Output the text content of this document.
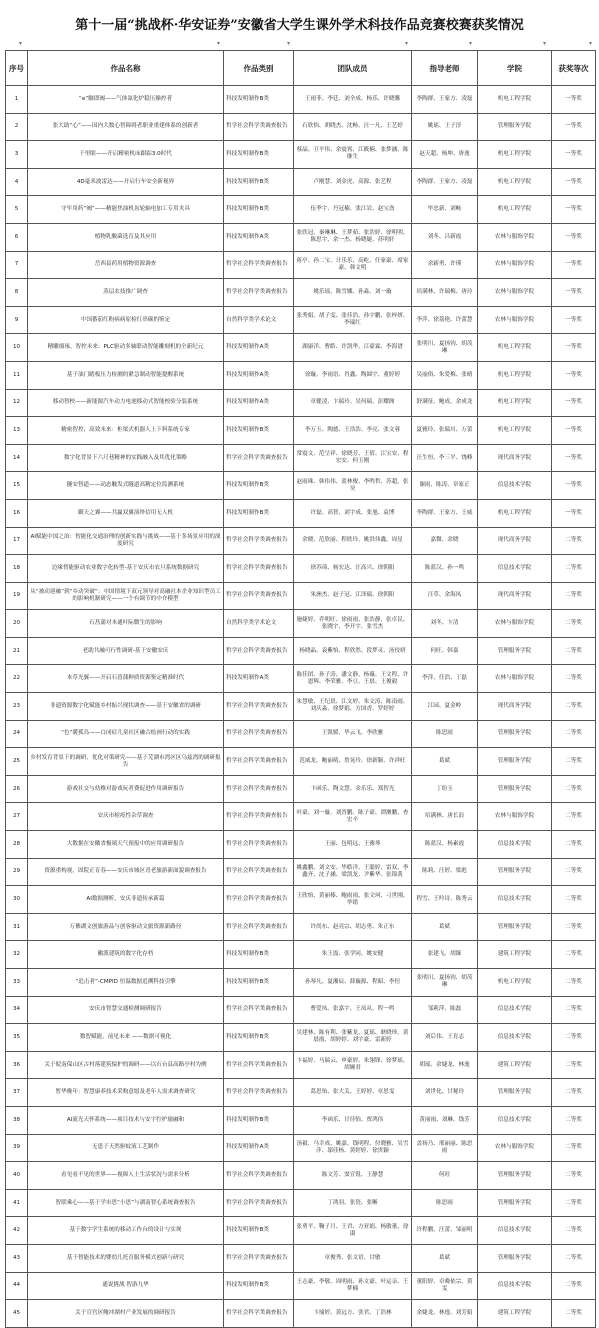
第十一届“挑战杯·华安证券”安徽省大学生课外学术科技作品竞赛校赛获奖情况
▾	▾	▾	▾	▾	▾	▾
序号	作品名称	作品类别	团队成员	指导老师	学院	获奖等次
1	“e”触即阀——气体氮化炉稳压操控者	科技发明制作B类	王雨菲、李廷、刘全成、杨乐、许晓馨	李陶群、王家方、凌磊	机电工程学院	一等奖
2	张大助“心”——国内大数心智障碍者职业重建体系的创新者	哲学社会科学类调查报告	石欣怡、胡晓杰、沈畅、汪一凡、王艺婷	姚瑶、王子淳	管理服务学院	一等奖
3	千里眼——开启精密机床跟踪3.0时代	科技发明制作B类	蔡晶、卫平伟、余震霄、江筱楠、张梦涵、陈继生	赵天超、杨坤、唐逸	机电工程学院	一等奖
4	4D毫米波雷达——开启行车安全新视界	科技发明制作B类	卢刚慧、刘金虎、高源、张艺程	李陶群、王家方、凌磊	机电工程学院	一等奖
5	守牢用药“阀”——精能焦油机齿轮轴电加工专用夹具	科技发明制作B类	伍季宇、丹冠楠、张江岩、赵宝熹	毕忠新、刘畅	机电工程学院	一等奖
6	植物乳酸菌选育及其应用	科技发明制作A类	张欣冠、秦琳琳、王梦茹、张浩婷、徐明明、陈思宇、余一杰、杨晓婕、苏明轩	刘冬、吕新霞	农林与服饰学院	一等奖
7	岳西县药用植物资源调查	哲学社会科学类调查报告	蒋亭、孙二宝、计乐乐、高屹、任家豪、席家豪、韩文明	余新勇、许瑾	农林与服饰学院	一等奖
8	蒸层农技推广调查	哲学社会科学类调查报告	姚乐瑶、陈雪娜、孙淼、刘一璇	培满林、许瑞梅、唐玲	农林与服饰学院	一等奖
9	中国番茄红粉病病原检红串碳的鉴定	自然科学类学术论文	张秀娟、胡子雯、张佳浩、孙宇鹏、张梓妍、李瑞红	李萍、徐荔艳、许蕾慧	农林与服饰学院	一等奖
10	精雕细琢，智控未来：PLC驱动多轴联动智能雕刻机的全新纪元	科技发明制作A类	湖康洋、曹皓、许凯华、江豪霖、李海谱	张明川、夏扬钧、胡茂琳	机电工程学院	一等奖
11	基于油门踏板压力检测的紧急制动智能提醒系统	科技发明制作A类	徐璇、李雨语、肖鑫、陶圆宇、董婷婷	吴丽俗、朱爱梅、张晴	机电工程学院	一等奖
12	移动智校——新能源汽车动力电池移动式智能校验分装系统	科技发明制作A类	章健凌、卞瑞玲、吴何瑞、彭耀阁	舒满征、鲍成、余成龙	机电工程学院	一等奖
13	精密智控、高效未来：柜梁式机器人上下料系统专家	科技发明制作B类	李万玉、陶德、王浩浩、李亮、张文蓉	夏雅玲、张瑞川、万蕾	机电工程学院	一等奖
14	数字化背景下六尺巷精神的实践融入及其优化策略	哲学社会科学类调查报告	常震文、范呈祥、徐晓芳、王倩、江宝安、程宏安、何玉刚	汪生恒、李三平、饶峰	现代商务学院	一等奖
15	隧安智道——动态触发式隧道高精定位监测系统	科技发明制作B类	赵雨珠、韩伟伟、蓝林俊、李鸣哲、苏超、张昊	谢雨、陈涛、章家正	信息技术学院	一等奖
16	御天之翼——共赢双翼演绎信用无人机	科技发明制作B类	许磊、高智、刘宇成、张旭、袁博	李陶群、王家方、王威	机电工程学院	一等奖
17	AI赋能中国之治：智能化交通治理的创新实践与挑战——基于多场景应用的深度研究	哲学社会科学类调查报告	余晓、范欣丽、程欣玲、姚洪伟鑫、周星	嘉微、余晓	现代商务学院	二等奖
18	边缘智能驱动农业数字化转型-基于安庆市农旦系统数据研究	哲学社会科学类调查报告	徐苏琦、杨宏达、汪高兴、徐朝阳	陈蓝汉、孙一鸣	信息技术学院	二等奖
19	从“被动迎融”到“乡动突破”：中国情境下双元领导对高融社本企业知识型员工的影响机制研究——一个有调节的中介模型	哲学社会科学类调查报告	朱洲杰、赵子冠、江泽瑞、徐朝阳	汪草、余海凤	现代商务学院	二等奖
20	石菖蒲对本通叶际微生的影响	自然科学类学术论文	施婕婷、乔明旺、徐雨雨、张浩静、张卓民、张晓宇、李开宇、张雪杰	刘冬、卞清	农林与服饰学院	二等奖
21	老助共融可行性调研-基于安徽安庆	哲学社会科学类调查报告	杨晓晶、袁紫怡、程欣然、段梦灵、汤佼妍	何旺、韩嘉	管理服务学院	二等奖
22	本草光翼——开启石菖蒲种质资源鉴定精准时代	科技发明制作A类	陈佳团、孙子涛、潘文静、杨薇、王文程、许恩辉、李荣雅、李豆、王晨、王俊毅	李萍、任浩、丁磊	农林与服饰学院	二等奖
23	非遗资源数字化赋能乡村振兴现状调查——基于安徽省的调研	哲学社会科学类调查报告	朱慧敏、王纪晨、江文婷、朱文涛、陈南雨、刘庆淼、徐梦娟、方国香、罗婷婷	江园、夏金岭	现代商务学院	二等奖
24	“色”暖孤岛——白闭症儿童社区融合绘画行动的实践	哲学社会科学类调查报告	王凯媛、毕云飞、李欣雅	陈思雨	管理服务学院	二等奖
25	乡村发育背景下的调研、优化对策研究——基于芜湖市湾区区乌兹湾的调研报告	哲学社会科学类调查报告	范威龙、鲍丽萌、詹晃玲、徐新颖、许祥旺	葛斌	管理服务学院	二等奖
26	游戏社交与幼稚对游戏玩者费促进作用调研报告	哲学社会科学类调查报告	卞函乐、陶文慧、金乐乐、郑智光	丁纷玉	管理服务学院	二等奖
27	安庆市检疫性杂草调查	哲学社会科学类调查报告	叶豪、刘一璇、刘晋鹏、陈子豪、谭漱鹏、查宏辛	培满林、唐长浪	农林与服饰学院	二等奖
28	大数据在安徽省极端天气预报中的应用调研报告	哲学社会科学类调查报告	王丽、包明远、王雅琴	陈蓝汉、杨素霞	信息技术学院	二等奖
29	资源重构视，固院正育春——安庆市城区青老旅游新面貌调查报告	哲学社会科学类调查报告	姚鑫鹏、刘文安、毕皓洋、王聪婷、雷双、李鑫齐、沈子涵、梁凯龙、尹紫华、张锦黄	陈莉、汪婷、梁彪	管理服务学院	二等奖
30	AI数据测析，安庆非遗传承新篇	哲学社会科学类调查报告	王欣怡、黄丽榛、鲍雨雨、张文珂、刁世刚、毕绪	程雪、王吟诗、陈秀云	信息技术学院	二等奖
31	万佛湖文创旅游品与创客驱动文旅资源新路径	哲学社会科学类调查报告	许尚东、赵亮宗、胡志勇、朱正东	葛斌	管理服务学院	二等奖
32	徽派建筑的数字化存档	科技发明制作B类	朱王震、张学同、姚安健	张建飞、胡臻	建筑工程学院	二等奖
33	“追击者”-CMPID 恒温数据追溯科技引擎	科技发明制作B类	孙琴凡、夏湘辰、薛璇源、程昭、李恒	张明川、夏扬钧、胡茂琳	机电工程学院	二等奖
34	安庆市智慧交通检测调研报告	哲学社会科学类调查报告	曹爱凤、张嘉宇、王凤从、程一鸣	邹莉萍、陈磊	信息技术学院	二等奖
35	数智赋能，前见未来 ——数据可视化	科技发明制作B类	吴建林、陈有利、张紫龙、夏瑶、耿晓珍、黄晨霞、胡婷婷、刘宇豪、雷新婷	刘后伟、王育志	信息技术学院	二等奖
36	关于皖南保山区古村落建筑保护的调研——以石台县高路亭村为例	哲学社会科学类调查报告	卞福婷、马瑞云、申豪婷、朱翎锋、徐梦瑶、胡婉君	胡瑶、余婕龙、林逸	建筑工程学院	二等奖
37	暂华晚年：智慧康养技术采购意愿及老年人需求调查研究	哲学社会科学类调查报告	葛思怡、张大关、王婷婷、章思雯	刘世化、甘秘玲	管理服务学院	二等奖
38	AI流光天怀系统——项目技术与安宇拧护瑜融和	科技发明制作B类	李函乐、甘佳怡、贾鸿伟	黄丽雨、刘琳、钱芳	信息技术学院	二等奖
39	无患子天然驱蚊液工艺制作	科技发明制作A类	汤毅、马幸成、姚嘉、钱明程、付晓雅、吴雪萍、邬佳杨、黄婷婷、徐贵颖	盖扬乃、邢丽丽、陈思雨	农林与服饰学院	二等奖
40	看见看不见的世界——视障人士生活状况与需求分析	哲学社会科学类调查报告	陈文芳、窦宣锐、王静慧	何旺	管理服务学院	二等奖
41	智联乘心——基于学市思“小思”与湖南智心系统调查报告	哲学社会科学类调查报告	丁鸿羽、张瓷、张晰	陈思雨	管理服务学院	二等奖
42	基于数字学生系统的移动工作台的设计与实现	科技发明制作B类	张勇平、鞠子月、王君、方亚娟、杨敏董、徐淑	许程鹏、汪蕾、邹丽明	信息技术学院	二等奖
43	基于智能技术的婴幼儿托育服务模式创新与研究	哲学社会科学类调查报告	章俊秀、张文语、甘敏	葛斌	管理服务学院	二等奖
44	通说挑战 智游九华	科技发明制作B类	王志豪、李敬、周明雨、孙文豪、叶运亲、王梦楠	董阳婷、卓晚依宗、黄雯	信息技术学院	二等奖
45	关于宣宫区鲍冲湖村产业发展的调研报告	哲学社会科学类调查报告	卞瑜婷、黄远方、张君、丁浩林	余婕龙、林逸、刘芳娟	建筑工程学院	二等奖
